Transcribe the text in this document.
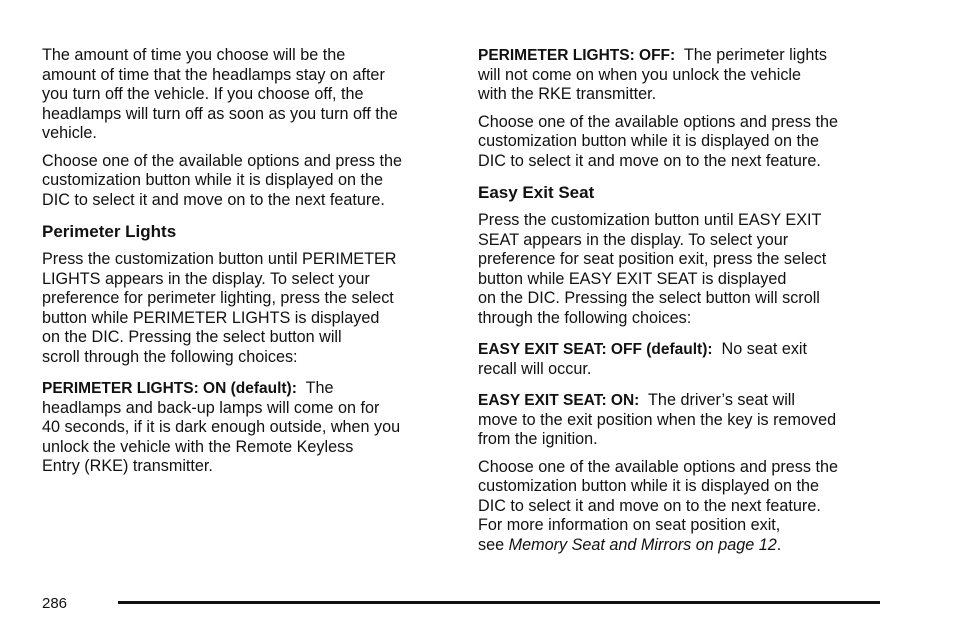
The amount of time you choose will be the
amount of time that the headlamps stay on after
you turn off the vehicle. If you choose off, the
headlamps will turn off as soon as you turn off the
vehicle.

Choose one of the available options and press the
customization button while it is displayed on the
DIC to select it and move on to the next feature.

Perimeter Lights

Press the customization button until PERIMETER
LIGHTS appears in the display. To select your
preference for perimeter lighting, press the select
button while PERIMETER LIGHTS is displayed
on the DIC. Pressing the select button will
scroll through the following choices:

PERIMETER LIGHTS: ON (default): The
headlamps and back-up lamps will come on for
40 seconds, if it is dark enough outside, when you
unlock the vehicle with the Remote Keyless
Entry (RKE) transmitter.

PERIMETER LIGHTS: OFF: The perimeter lights
will not come on when you unlock the vehicle
with the RKE transmitter.

Choose one of the available options and press the
customization button while it is displayed on the
DIC to select it and move on to the next feature.

Easy Exit Seat

Press the customization button until EASY EXIT
SEAT appears in the display. To select your
preference for seat position exit, press the select
button while EASY EXIT SEAT is displayed
on the DIC. Pressing the select button will scroll
through the following choices:

EASY EXIT SEAT: OFF (default): No seat exit
recall will occur.

EASY EXIT SEAT: ON: The driver’s seat will
move to the exit position when the key is removed
from the ignition.

Choose one of the available options and press the
customization button while it is displayed on the
DIC to select it and move on to the next feature.
For more information on seat position exit,
see Memory Seat and Mirrors on page 12.

286
